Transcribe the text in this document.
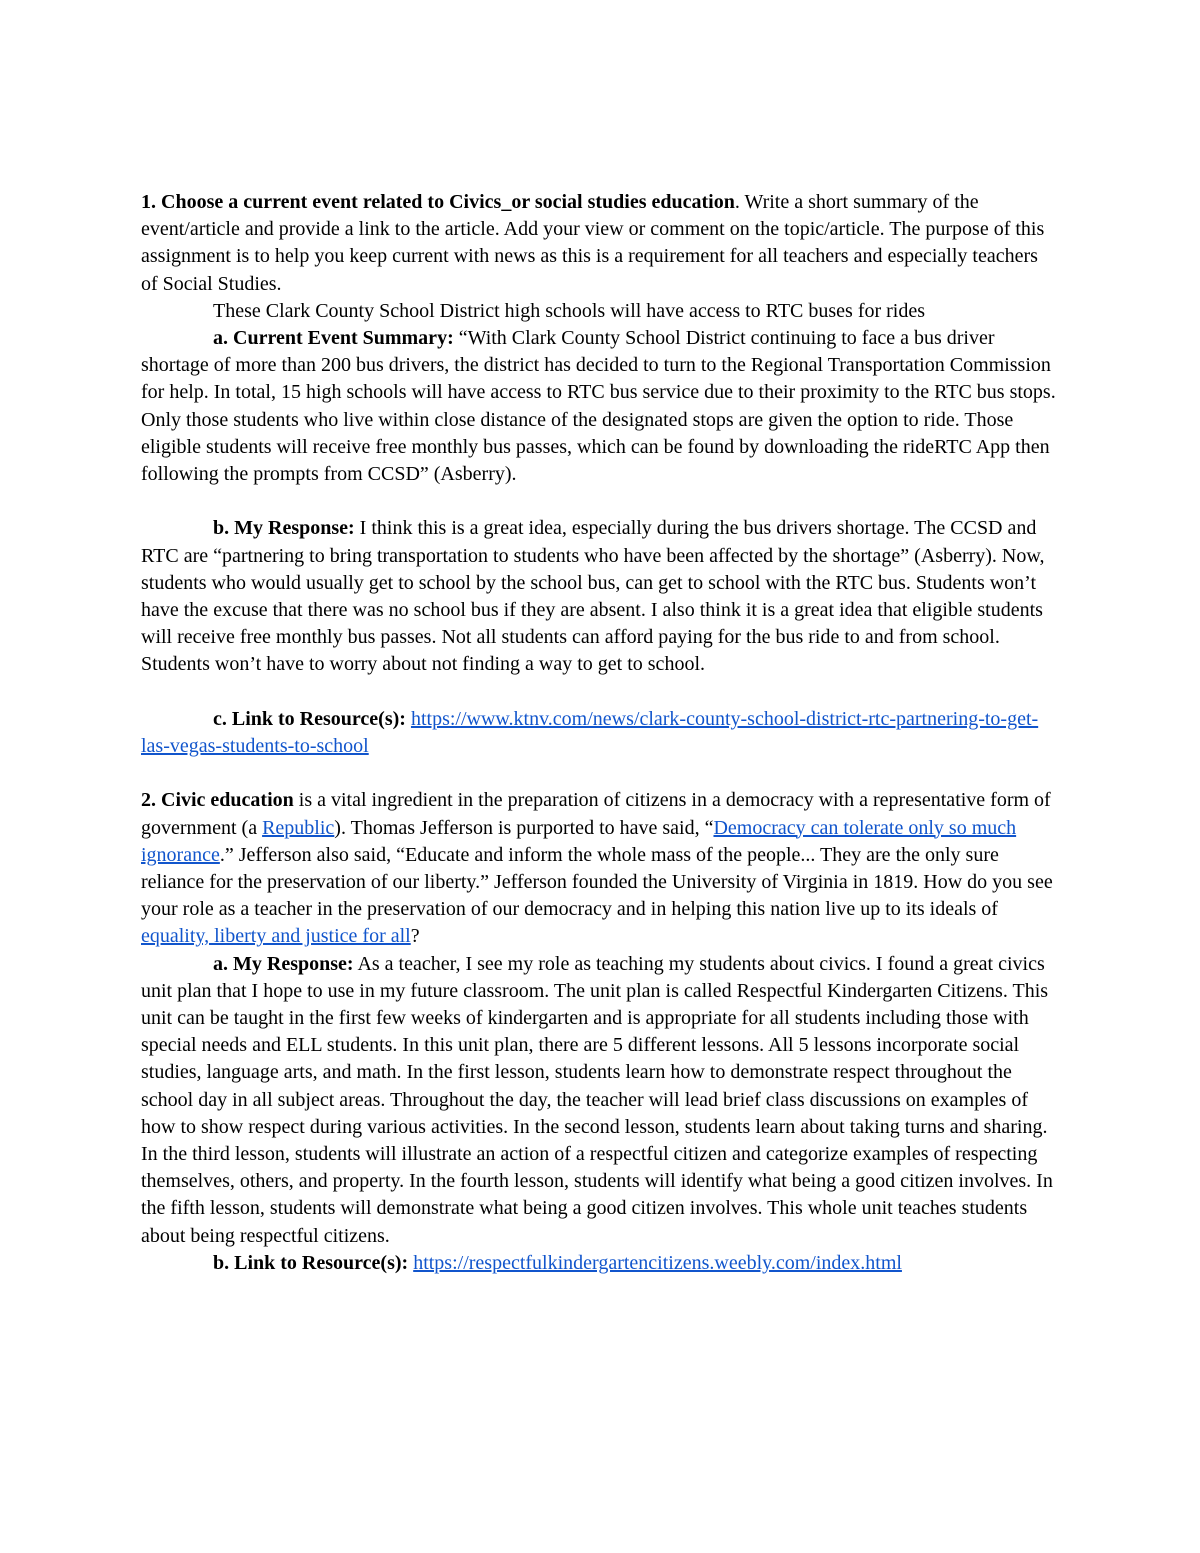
1. Choose a current event related to Civics_or social studies education. Write a short summary of the event/article and provide a link to the article. Add your view or comment on the topic/article. The purpose of this assignment is to help you keep current with news as this is a requirement for all teachers and especially teachers of Social Studies.

These Clark County School District high schools will have access to RTC buses for rides

a. Current Event Summary: “With Clark County School District continuing to face a bus driver shortage of more than 200 bus drivers, the district has decided to turn to the Regional Transportation Commission for help. In total, 15 high schools will have access to RTC bus service due to their proximity to the RTC bus stops. Only those students who live within close distance of the designated stops are given the option to ride. Those eligible students will receive free monthly bus passes, which can be found by downloading the rideRTC App then following the prompts from CCSD” (Asberry).

b. My Response: I think this is a great idea, especially during the bus drivers shortage. The CCSD and RTC are “partnering to bring transportation to students who have been affected by the shortage” (Asberry). Now, students who would usually get to school by the school bus, can get to school with the RTC bus. Students won’t have the excuse that there was no school bus if they are absent. I also think it is a great idea that eligible students will receive free monthly bus passes. Not all students can afford paying for the bus ride to and from school. Students won’t have to worry about not finding a way to get to school.

c. Link to Resource(s): https://www.ktnv.com/news/clark-county-school-district-rtc-partnering-to-get-las-vegas-students-to-school

2. Civic education is a vital ingredient in the preparation of citizens in a democracy with a representative form of government (a Republic). Thomas Jefferson is purported to have said, “Democracy can tolerate only so much ignorance.” Jefferson also said, “Educate and inform the whole mass of the people... They are the only sure reliance for the preservation of our liberty.” Jefferson founded the University of Virginia in 1819. How do you see your role as a teacher in the preservation of our democracy and in helping this nation live up to its ideals of equality, liberty and justice for all?

a. My Response: As a teacher, I see my role as teaching my students about civics. I found a great civics unit plan that I hope to use in my future classroom. The unit plan is called Respectful Kindergarten Citizens. This unit can be taught in the first few weeks of kindergarten and is appropriate for all students including those with special needs and ELL students. In this unit plan, there are 5 different lessons. All 5 lessons incorporate social studies, language arts, and math. In the first lesson, students learn how to demonstrate respect throughout the school day in all subject areas. Throughout the day, the teacher will lead brief class discussions on examples of how to show respect during various activities. In the second lesson, students learn about taking turns and sharing. In the third lesson, students will illustrate an action of a respectful citizen and categorize examples of respecting themselves, others, and property. In the fourth lesson, students will identify what being a good citizen involves. In the fifth lesson, students will demonstrate what being a good citizen involves. This whole unit teaches students about being respectful citizens.

b. Link to Resource(s): https://respectfulkindergartencitizens.weebly.com/index.html
